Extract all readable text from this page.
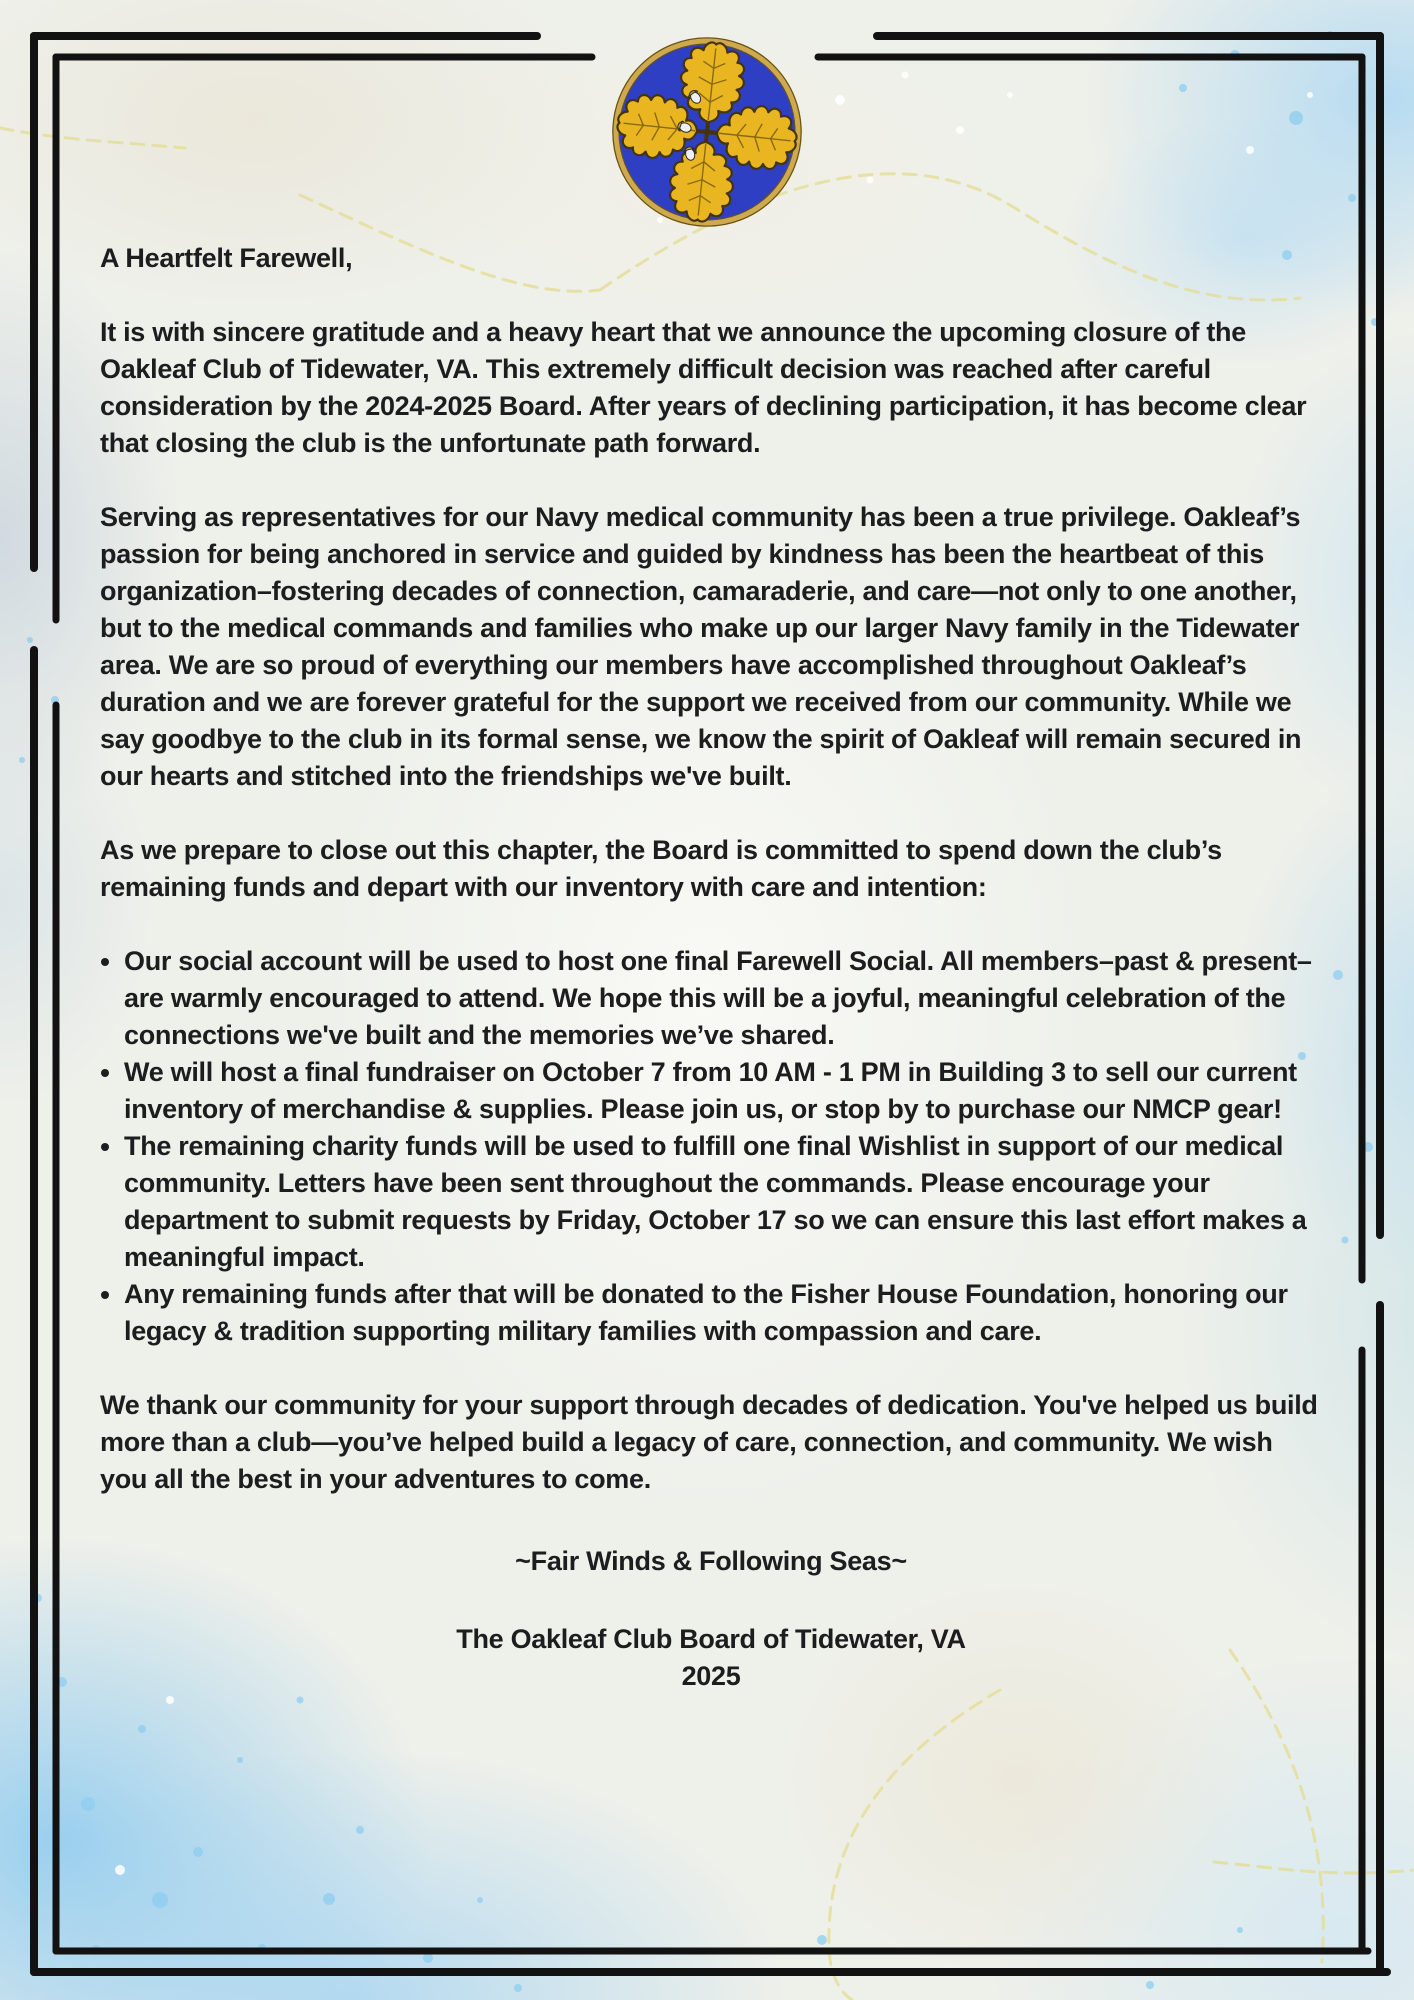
A Heartfelt Farewell,

It is with sincere gratitude and a heavy heart that we announce the upcoming closure of the Oakleaf Club of Tidewater, VA. This extremely difficult decision was reached after careful consideration by the 2024-2025 Board. After years of declining participation, it has become clear that closing the club is the unfortunate path forward.

Serving as representatives for our Navy medical community has been a true privilege. Oakleaf’s passion for being anchored in service and guided by kindness has been the heartbeat of this organization–fostering decades of connection, camaraderie, and care—not only to one another, but to the medical commands and families who make up our larger Navy family in the Tidewater area. We are so proud of everything our members have accomplished throughout Oakleaf’s duration and we are forever grateful for the support we received from our community. While we say goodbye to the club in its formal sense, we know the spirit of Oakleaf will remain secured in our hearts and stitched into the friendships we've built.

As we prepare to close out this chapter, the Board is committed to spend down the club’s remaining funds and depart with our inventory with care and intention:

• Our social account will be used to host one final Farewell Social. All members–past & present–are warmly encouraged to attend. We hope this will be a joyful, meaningful celebration of the connections we've built and the memories we’ve shared.
• We will host a final fundraiser on October 7 from 10 AM - 1 PM in Building 3 to sell our current inventory of merchandise & supplies. Please join us, or stop by to purchase our NMCP gear!
• The remaining charity funds will be used to fulfill one final Wishlist in support of our medical community. Letters have been sent throughout the commands. Please encourage your department to submit requests by Friday, October 17 so we can ensure this last effort makes a meaningful impact.
• Any remaining funds after that will be donated to the Fisher House Foundation, honoring our legacy & tradition supporting military families with compassion and care.

We thank our community for your support through decades of dedication. You've helped us build more than a club—you’ve helped build a legacy of care, connection, and community. We wish you all the best in your adventures to come.

~Fair Winds & Following Seas~

The Oakleaf Club Board of Tidewater, VA

2025
